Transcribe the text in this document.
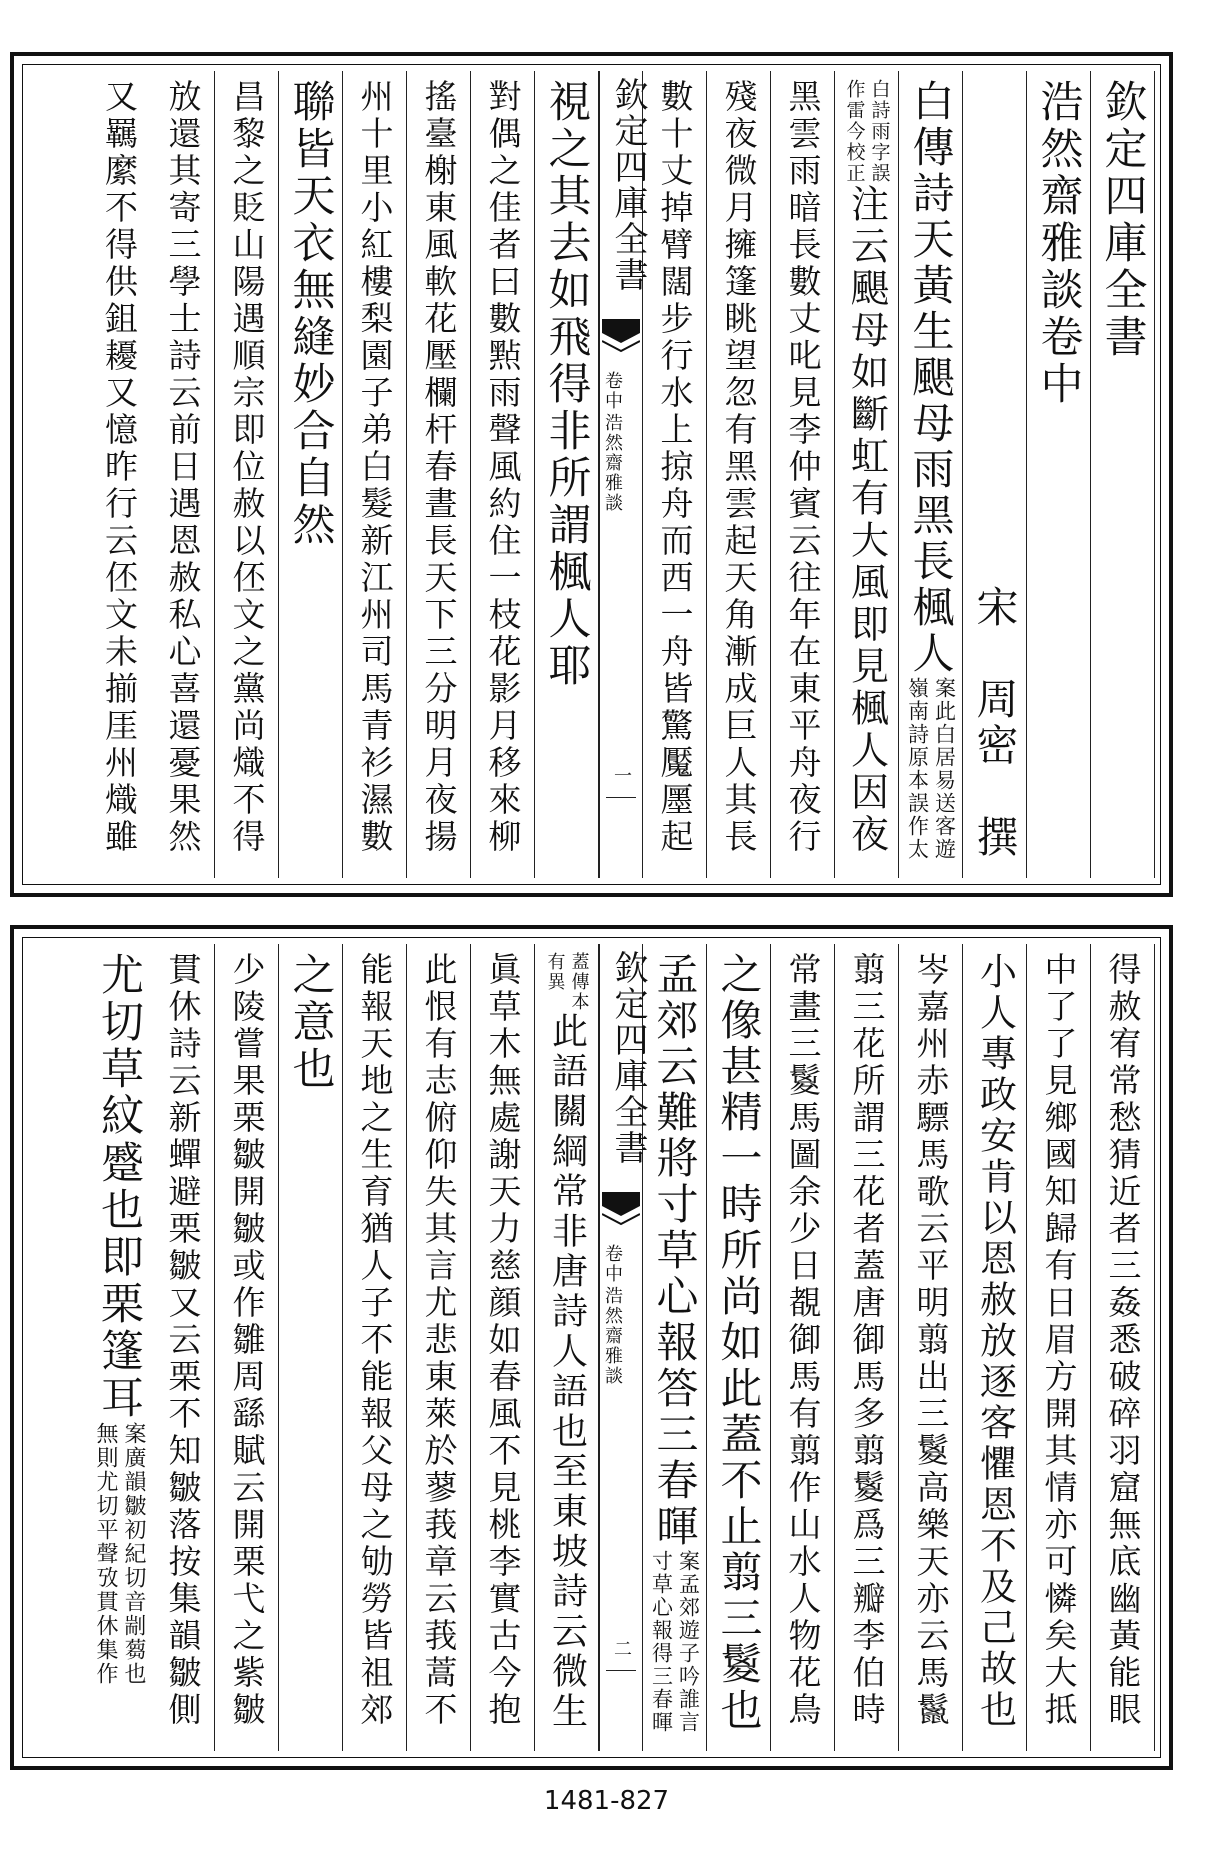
欽定四庫全書
浩然齋雅談卷中
　　　　　　　　　　　宋　周密　撰
白傳詩天黃生颶母雨黑長楓人
案此白居易送客遊
嶺南詩原本誤作太
白詩雨字誤
作雷今校正
注云颶母如斷虹有大風即見楓人因夜
黑雲雨暗長數丈叱見李仲賓云往年在東平舟夜行
殘夜微月擁篷眺望忽有黑雲起天角漸成巨人其長
數十丈掉臂闊步行水上掠舟而西一舟皆驚魘㕓起
欽定四庫全書
浩然齋雅談
卷中
一
視之其去如飛得非所謂楓人耶
對偶之佳者曰數㸃雨聲風約住一枝花影月移來柳
搖臺榭東風軟花壓欄杆春晝長天下三分明月夜揚
州十里小紅樓梨園子弟白髮新江州司馬青衫濕數
聯皆天衣無縫妙合自然
昌黎之貶山陽遇順宗即位赦以伾文之黨尚熾不得
放還其寄三學士詩云前日遇恩赦私心喜還憂果然
又羈縻不得供鉏耰又憶昨行云伾文未揃厓州熾雖
得赦宥常愁猜近者三姦悉破碎羽窟無底幽黃能眼
中了了見鄉國知歸有日眉方開其情亦可憐矣大抵
小人專政安肯以恩赦放逐客懼恩不及己故也
岑嘉州赤驃馬歌云平明翦出三鬉高樂天亦云馬鬣
翦三花所謂三花者蓋唐御馬多翦鬉爲三瓣李伯時
常畫三鬉馬圖余少日覩御馬有翦作山水人物花鳥
之像甚精一時所尚如此蓋不止翦三鬉也
孟郊云難將寸草心報答三春暉
案孟郊遊子吟誰言
寸草心報得三春暉
欽定四庫全書
浩然齋雅談
卷中
二
蓋傳本
有異
此語關綱常非唐詩人語也至東坡詩云微生
眞草木無處謝天力慈顔如春風不見桃李實古今抱
此恨有志俯仰失其言尤悲東萊於蓼莪章云莪蒿不
能報天地之生育猶人子不能報父母之劬勞皆祖郊
之意也
少陵嘗果栗皺開皺或作雛周繇賦云開栗弋之紫皺
貫休詩云新蟬避栗皺又云栗不知皺落按集韻皺側
尤切草紋蹙也即栗篷耳
案廣韻皺初紀切音剬蒭也
無則尤切平聲攷貫休集作
1481-827
